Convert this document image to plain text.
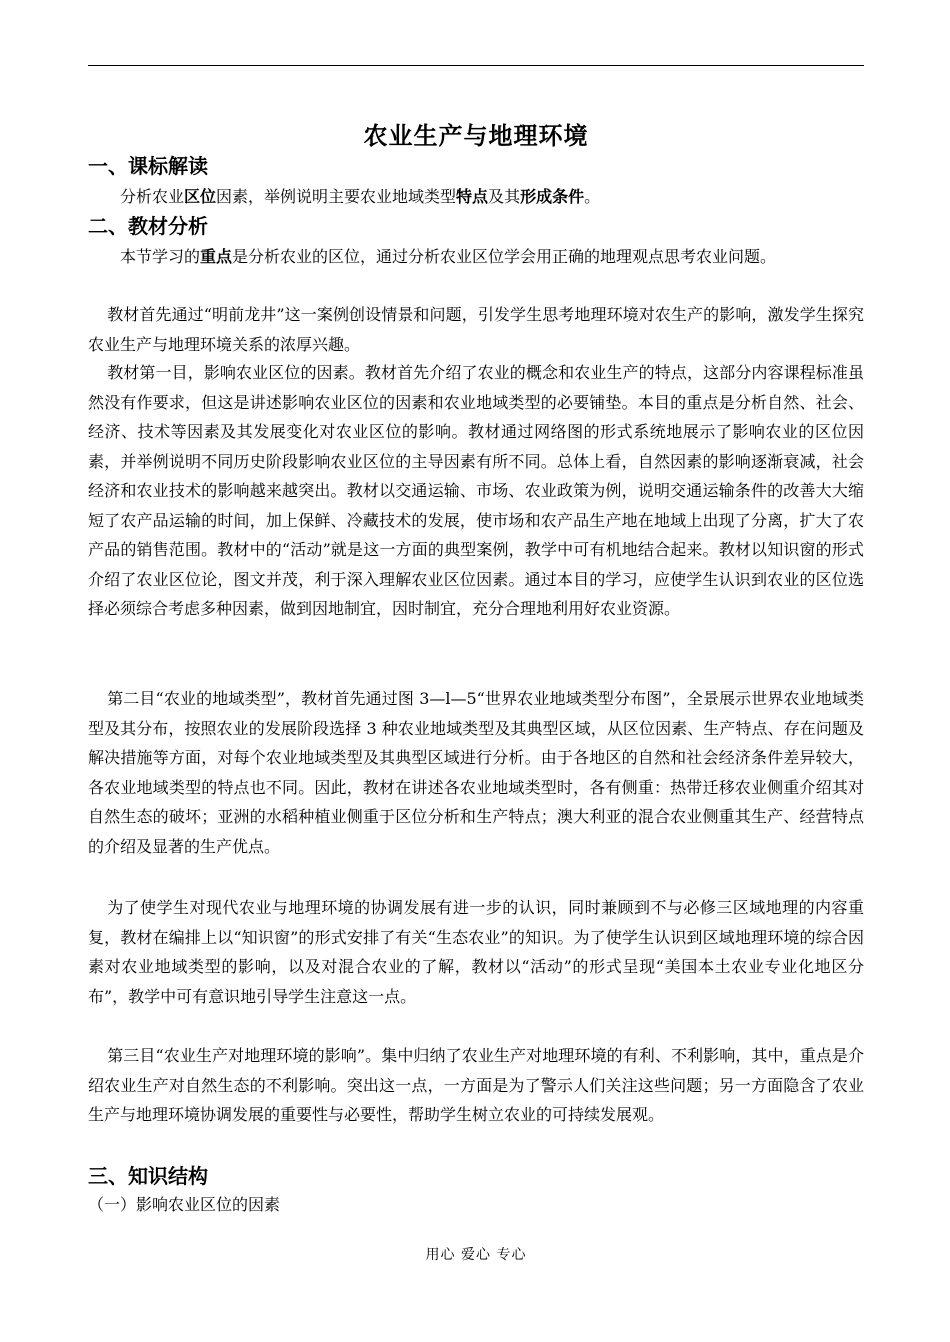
农业生产与地理环境
一、课标解读

分析农业区位因素，举例说明主要农业地域类型特点及其形成条件。

二、教材分析

本节学习的重点是分析农业的区位，通过分析农业区位学会用正确的地理观点思考农业问题。

教材首先通过“明前龙井”这一案例创设情景和问题，引发学生思考地理环境对农生产的影响，激发学生探究农业生产与地理环境关系的浓厚兴趣。

教材第一目，影响农业区位的因素。教材首先介绍了农业的概念和农业生产的特点，这部分内容课程标准虽然没有作要求，但这是讲述影响农业区位的因素和农业地域类型的必要铺垫。本目的重点是分析自然、社会、经济、技术等因素及其发展变化对农业区位的影响。教材通过网络图的形式系统地展示了影响农业的区位因素，并举例说明不同历史阶段影响农业区位的主导因素有所不同。总体上看，自然因素的影响逐渐衰减，社会经济和农业技术的影响越来越突出。教材以交通运输、市场、农业政策为例，说明交通运输条件的改善大大缩短了农产品运输的时间，加上保鲜、冷藏技术的发展，使市场和农产品生产地在地域上出现了分离，扩大了农产品的销售范围。教材中的“活动”就是这一方面的典型案例，教学中可有机地结合起来。教材以知识窗的形式介绍了农业区位论，图文并茂，利于深入理解农业区位因素。通过本目的学习，应使学生认识到农业的区位选择必须综合考虑多种因素，做到因地制宜，因时制宜，充分合理地利用好农业资源。

第二目“农业的地域类型”，教材首先通过图 3—l—5“世界农业地域类型分布图”，全景展示世界农业地域类型及其分布，按照农业的发展阶段选择 3 种农业地域类型及其典型区域，从区位因素、生产特点、存在问题及解决措施等方面，对每个农业地域类型及其典型区域进行分析。由于各地区的自然和社会经济条件差异较大，各农业地域类型的特点也不同。因此，教材在讲述各农业地域类型时，各有侧重：热带迁移农业侧重介绍其对自然生态的破坏；亚洲的水稻种植业侧重于区位分析和生产特点；澳大利亚的混合农业侧重其生产、经营特点的介绍及显著的生产优点。

为了使学生对现代农业与地理环境的协调发展有进一步的认识，同时兼顾到不与必修三区域地理的内容重复，教材在编排上以“知识窗”的形式安排了有关“生态农业”的知识。为了使学生认识到区域地理环境的综合因素对农业地域类型的影响，以及对混合农业的了解，教材以“活动”的形式呈现“美国本土农业专业化地区分布”，教学中可有意识地引导学生注意这一点。

第三目“农业生产对地理环境的影响”。集中归纳了农业生产对地理环境的有利、不利影响，其中，重点是介绍农业生产对自然生态的不利影响。突出这一点，一方面是为了警示人们关注这些问题；另一方面隐含了农业生产与地理环境协调发展的重要性与必要性，帮助学生树立农业的可持续发展观。

三、知识结构
（一）影响农业区位的因素
用心 爱心 专心
